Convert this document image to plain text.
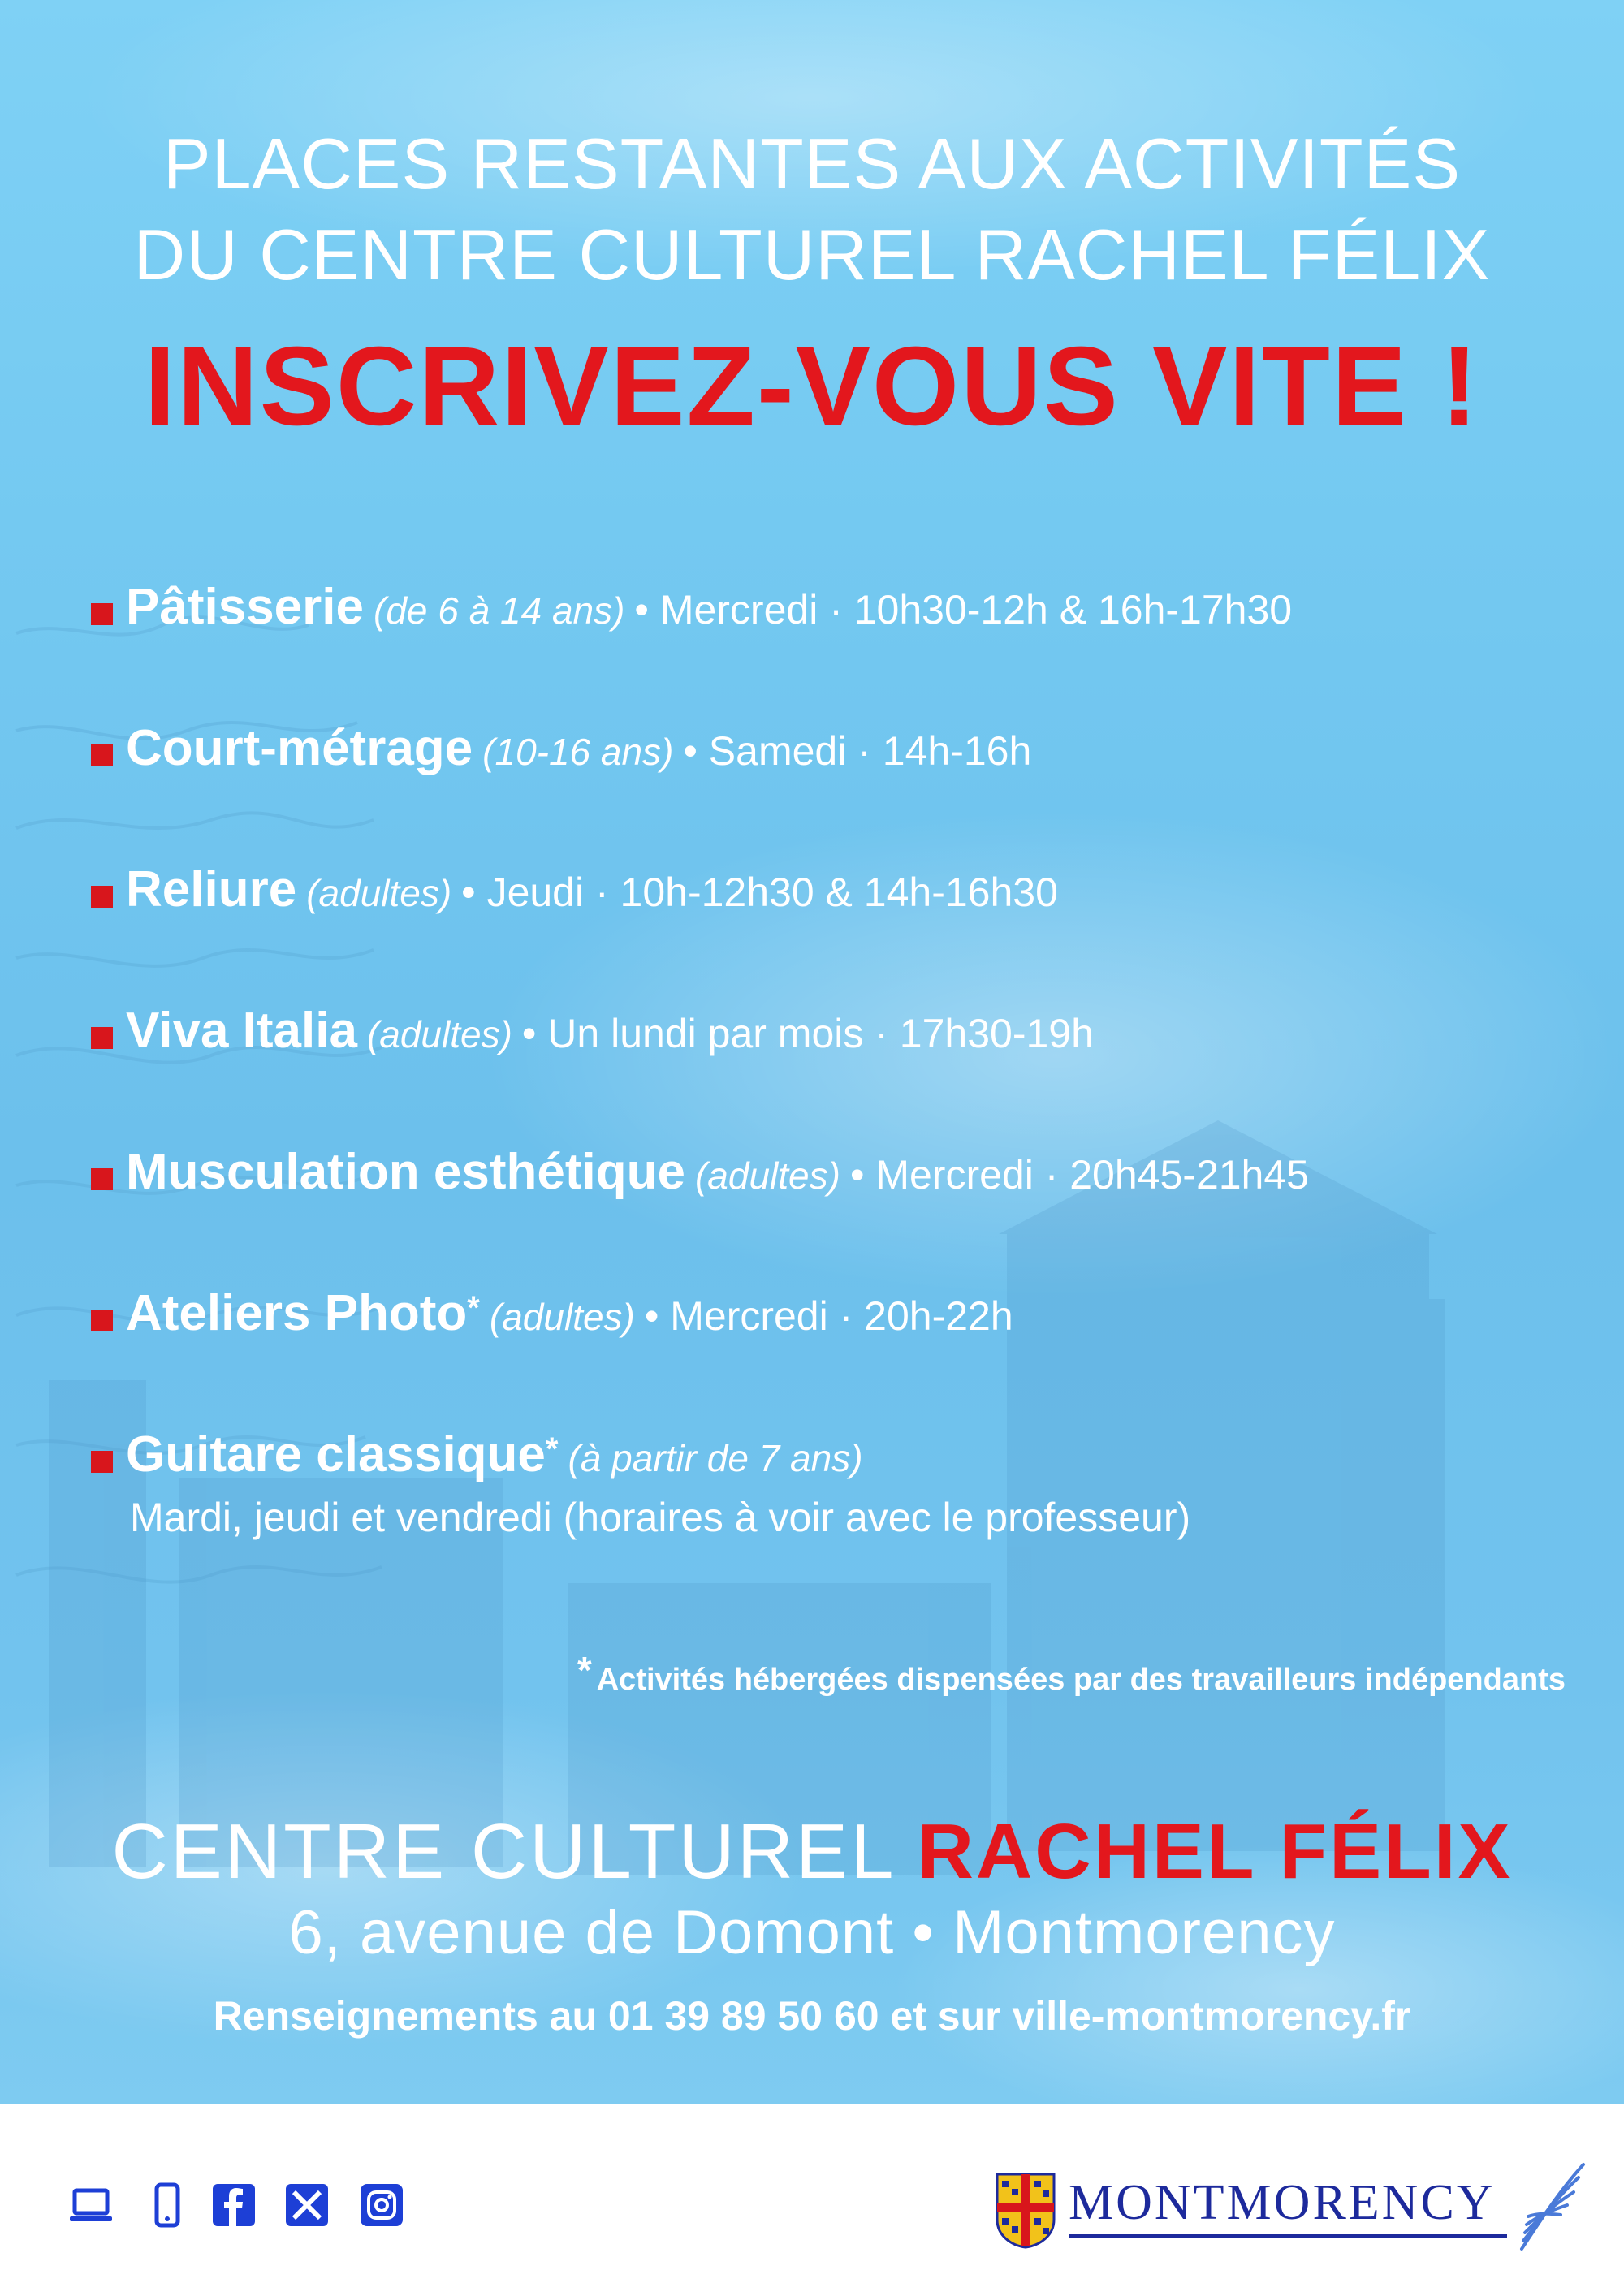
PLACES RESTANTES AUX ACTIVITÉS
DU CENTRE CULTUREL RACHEL FÉLIX
INSCRIVEZ-VOUS VITE !
Pâtisserie (de 6 à 14 ans) • Mercredi · 10h30-12h & 16h-17h30
Court-métrage (10-16 ans) • Samedi · 14h-16h
Reliure (adultes) • Jeudi · 10h-12h30 & 14h-16h30
Viva Italia (adultes) • Un lundi par mois · 17h30-19h
Musculation esthétique (adultes) • Mercredi · 20h45-21h45
Ateliers Photo* (adultes) • Mercredi · 20h-22h
Guitare classique* (à partir de 7 ans)
Mardi, jeudi et vendredi (horaires à voir avec le professeur)
* Activités hébergées dispensées par des travailleurs indépendants
CENTRE CULTUREL RACHEL FÉLIX
6, avenue de Domont • Montmorency
Renseignements au 01 39 89 50 60 et sur ville-montmorency.fr
MONTMORENCY
